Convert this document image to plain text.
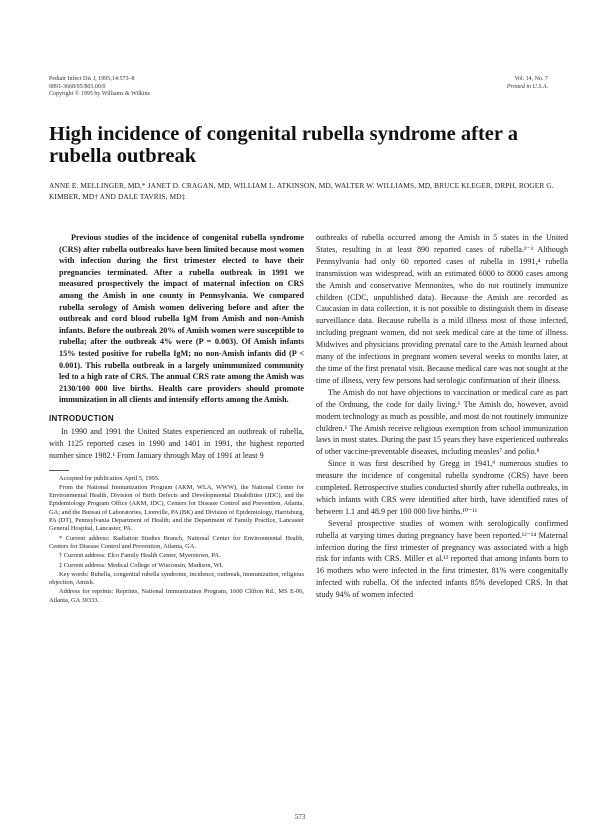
Pediatr Infect Dis J, 1995;14:573–8
0891-3668/95/$03.00/0
Copyright © 1995 by Williams & Wilkins
Vol. 14, No. 7
Printed in U.S.A.
High incidence of congenital rubella syndrome after a rubella outbreak
ANNE E. MELLINGER, MD,* JANET D. CRAGAN, MD, WILLIAM L. ATKINSON, MD, WALTER W. WILLIAMS, MD, BRUCE KLEGER, DRPH, ROGER G. KIMBER, MD† AND DALE TAVRIS, MD‡

Previous studies of the incidence of congenital rubella syndrome (CRS) after rubella outbreaks have been limited because most women with infection during the first trimester elected to have their pregnancies terminated. After a rubella outbreak in 1991 we measured prospectively the impact of maternal infection on CRS among the Amish in one county in Pennsylvania. We compared rubella serology of Amish women delivering before and after the outbreak and cord blood rubella IgM from Amish and non-Amish infants. Before the outbreak 20% of Amish women were susceptible to rubella; after the outbreak 4% were (P = 0.003). Of Amish infants 15% tested positive for rubella IgM; no non-Amish infants did (P < 0.001). This rubella outbreak in a largely unimmunized community led to a high rate of CRS. The annual CRS rate among the Amish was 2130/100 000 live births. Health care providers should promote immunization in all clients and intensify efforts among the Amish.

INTRODUCTION

In 1990 and 1991 the United States experienced an outbreak of rubella, with 1125 reported cases in 1990 and 1401 in 1991, the highest reported number since 1982.¹ From January through May of 1991 at least 9

Accepted for publication April 5, 1995.

From the National Immunization Program (AKM, WLA, WWW), the National Center for Environmental Health, Division of Birth Defects and Developmental Disabilities (JDC), and the Epidemiology Program Office (AKM, JDC), Centers for Disease Control and Prevention, Atlanta, GA; and the Bureau of Laboratories, Lionville, PA (BK) and Division of Epidemiology, Harrisburg, PA (DT), Pennsylvania Department of Health; and the Department of Family Practice, Lancaster General Hospital, Lancaster, PA.

* Current address: Radiation Studies Branch, National Center for Environmental Health, Centers for Disease Control and Prevention, Atlanta, GA.

† Current address: Elco Family Health Center, Myerstown, PA.

‡ Current address: Medical College of Wisconsin, Madison, WI.

Key words: Rubella, congenital rubella syndrome, incidence, outbreak, immunization, religious objection, Amish.

Address for reprints: Reprints, National Immunization Program, 1600 Clifton Rd., MS E-06, Atlanta, GA 30333.

outbreaks of rubella occurred among the Amish in 5 states in the United States, resulting in at least 890 reported cases of rubella.²⁻³ Although Pennsylvania had only 60 reported cases of rubella in 1991,⁴ rubella transmission was widespread, with an estimated 6000 to 8000 cases among the Amish and conservative Mennonites, who do not routinely immunize children (CDC, unpublished data). Because the Amish are recorded as Caucasian in data collection, it is not possible to distinguish them in disease surveillance data. Because rubella is a mild illness most of those infected, including pregnant women, did not seek medical care at the time of illness. Midwives and physicians providing prenatal care to the Amish learned about many of the infections in pregnant women several weeks to months later, at the time of the first prenatal visit. Because medical care was not sought at the time of illness, very few persons had serologic confirmation of their illness.

The Amish do not have objections to vaccination or medical care as part of the Ordnung, the code for daily living.⁶ The Amish do, however, avoid modern technology as much as possible, and most do not routinely immunize children.⁶ The Amish receive religious exemption from school immunization laws in most states. During the past 15 years they have experienced outbreaks of other vaccine-preventable diseases, including measles⁷ and polio.⁸

Since it was first described by Gregg in 1941,⁹ numerous studies to measure the incidence of congenital rubella syndrome (CRS) have been completed. Retrospective studies conducted shortly after rubella outbreaks, in which infants with CRS were identified after birth, have identified rates of between 1.1 and 48.9 per 100 000 live births.¹⁰⁻¹¹

Several prospective studies of women with serologically confirmed rubella at varying times during pregnancy have been reported.¹²⁻¹⁴ Maternal infection during the first trimester of pregnancy was associated with a high risk for infants with CRS. Miller et al.¹² reported that among infants born to 16 mothers who were infected in the first trimester, 81% were congenitally infected with rubella. Of the infected infants 85% developed CRS. In that study 94% of women infected

573
